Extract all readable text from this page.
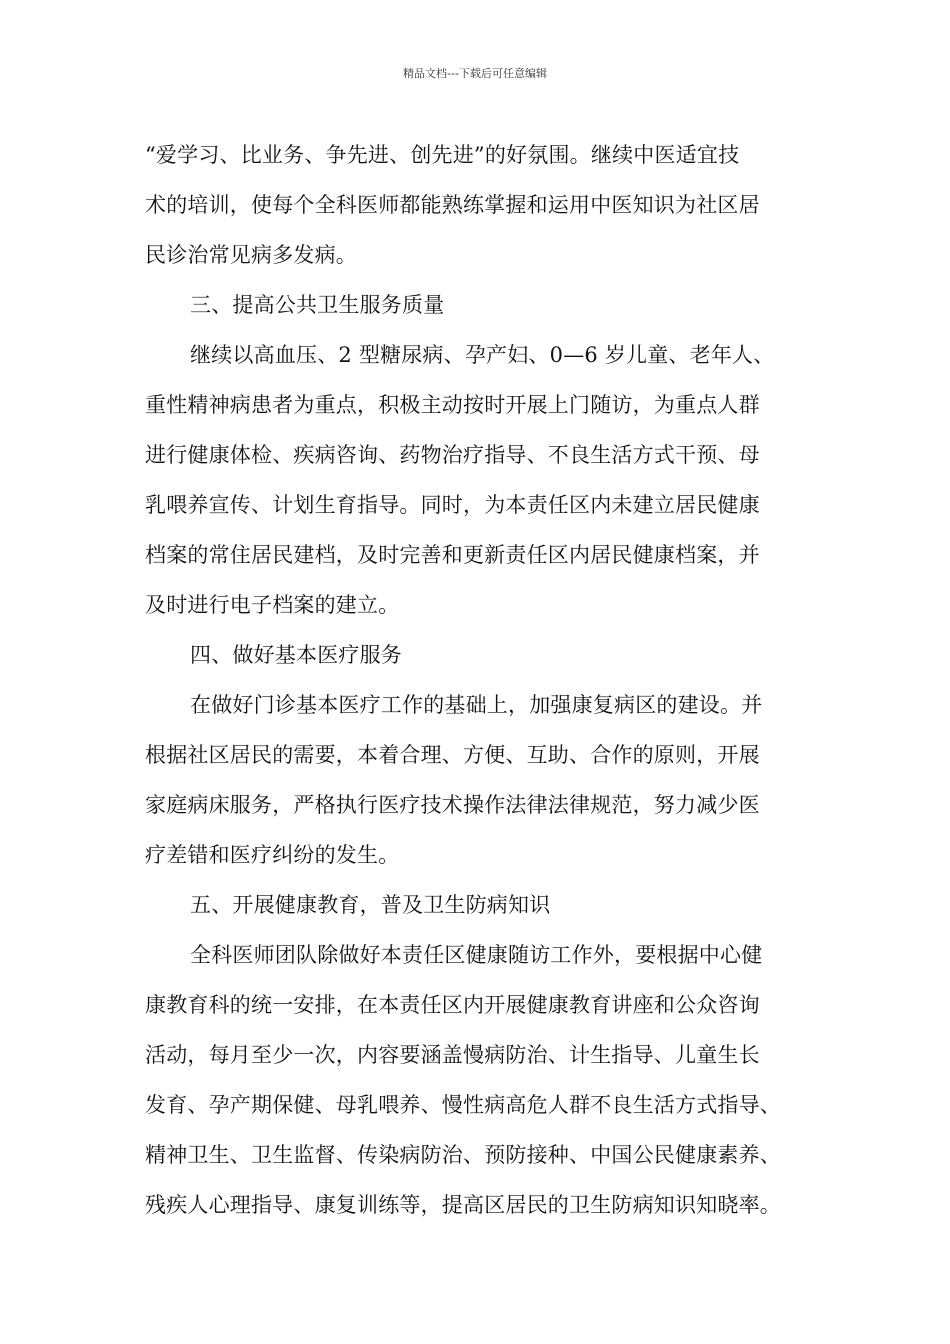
精品文档---下载后可任意编辑
“爱学习、比业务、争先进、创先进”的好氛围。继续中医适宜技
术的培训，使每个全科医师都能熟练掌握和运用中医知识为社区居
民诊治常见病多发病。
三、提高公共卫生服务质量
继续以高血压、2 型糖尿病、孕产妇、0—6 岁儿童、老年人、
重性精神病患者为重点，积极主动按时开展上门随访，为重点人群
进行健康体检、疾病咨询、药物治疗指导、不良生活方式干预、母
乳喂养宣传、计划生育指导。同时，为本责任区内未建立居民健康
档案的常住居民建档，及时完善和更新责任区内居民健康档案，并
及时进行电子档案的建立。
四、做好基本医疗服务
在做好门诊基本医疗工作的基础上，加强康复病区的建设。并
根据社区居民的需要，本着合理、方便、互助、合作的原则，开展
家庭病床服务，严格执行医疗技术操作法律法律规范，努力减少医
疗差错和医疗纠纷的发生。
五、开展健康教育，普及卫生防病知识
全科医师团队除做好本责任区健康随访工作外，要根据中心健
康教育科的统一安排，在本责任区内开展健康教育讲座和公众咨询
活动，每月至少一次，内容要涵盖慢病防治、计生指导、儿童生长
发育、孕产期保健、母乳喂养、慢性病高危人群不良生活方式指导、
精神卫生、卫生监督、传染病防治、预防接种、中国公民健康素养、
残疾人心理指导、康复训练等，提高区居民的卫生防病知识知晓率。
